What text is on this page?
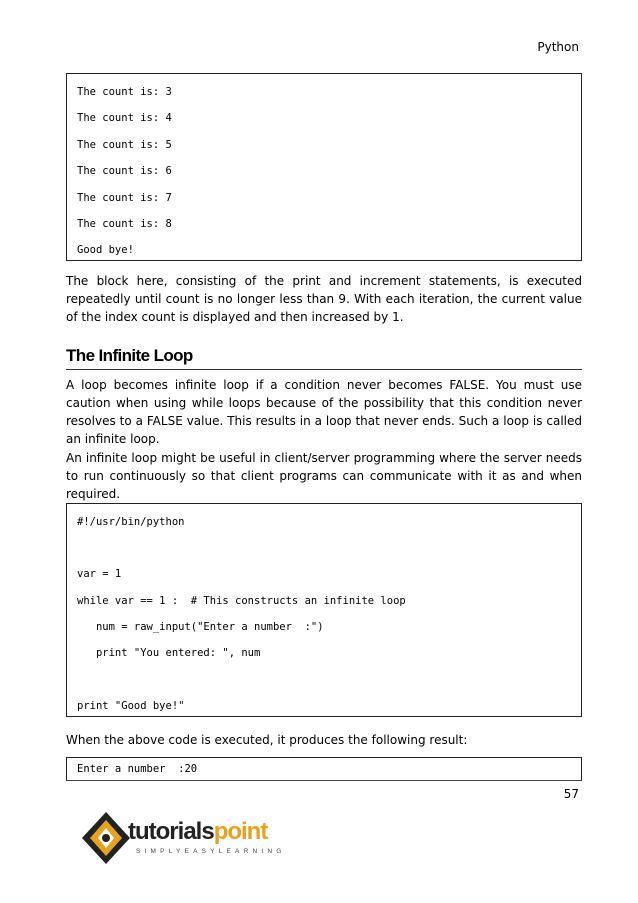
Python
The count is: 3
The count is: 4
The count is: 5
The count is: 6
The count is: 7
The count is: 8
Good bye!

The block here, consisting of the print and increment statements, is executed repeatedly until count is no longer less than 9. With each iteration, the current value of the index count is displayed and then increased by 1.

The Infinite Loop

A loop becomes infinite loop if a condition never becomes FALSE. You must use caution when using while loops because of the possibility that this condition never resolves to a FALSE value. This results in a loop that never ends. Such a loop is called an infinite loop.

An infinite loop might be useful in client/server programming where the server needs to run continuously so that client programs can communicate with it as and when required.

#!/usr/bin/python
var = 1
while var == 1 :  # This constructs an infinite loop
num = raw_input("Enter a number  :")
print "You entered: ", num
print "Good bye!"

When the above code is executed, it produces the following result:

Enter a number  :20
57
tutorialspoint
SIMPLYEASYLEARNING
